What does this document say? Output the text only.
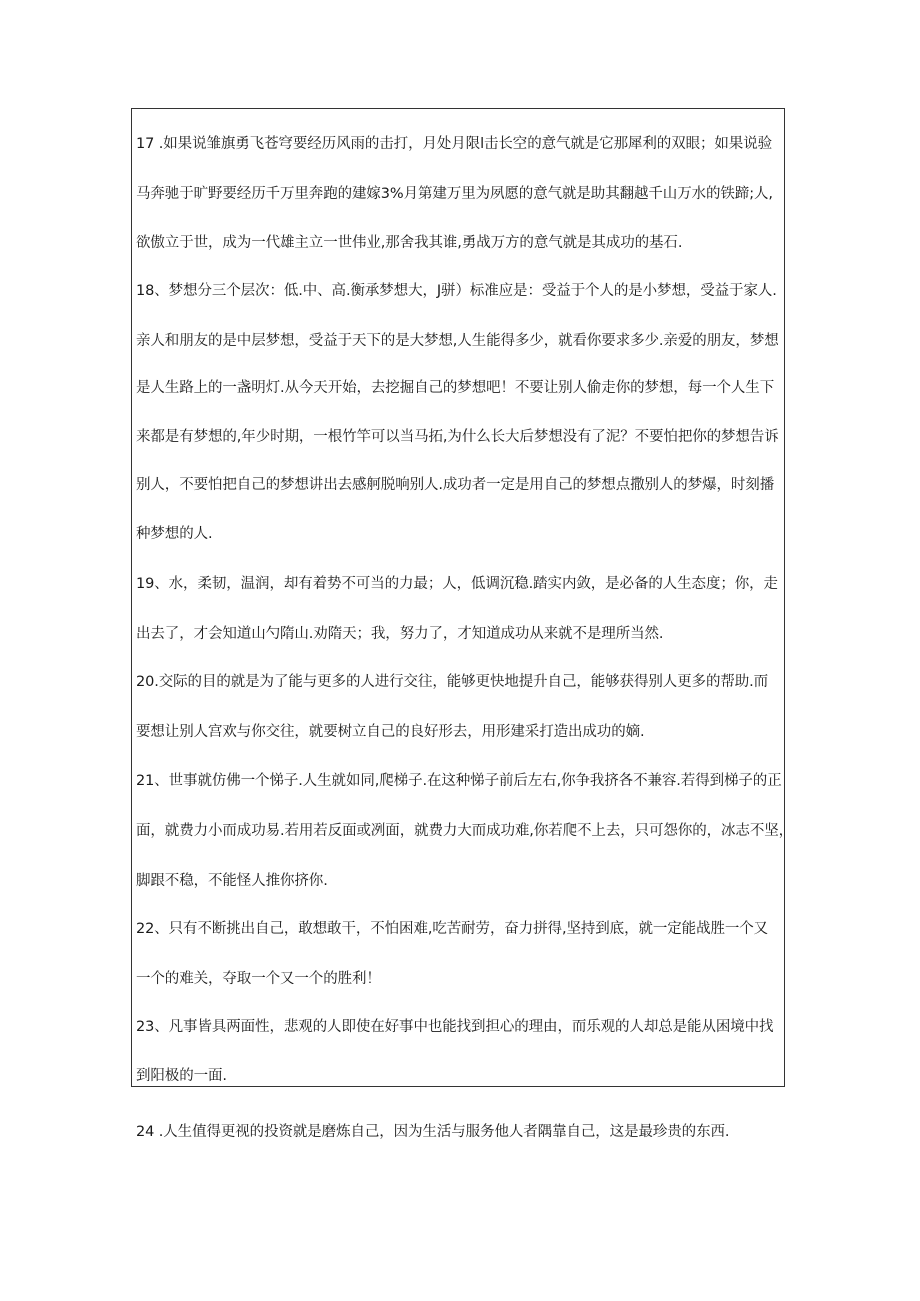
17 .如果说雏旗勇飞苍穹要经历风雨的击打，月处月限l击长空的意气就是它那犀利的双眼；如果说验
马奔驰于旷野要经历千万里奔跑的建嫁3%月第建万里为夙愿的意气就是助其翻越千山万水的铁蹄;人,
欲傲立于世，成为一代雄主立一世伟业,那舍我其谁,勇战万方的意气就是其成功的基石.
18、梦想分三个层次：低.中、高.衡承梦想大，J骈）标准应是：受益于个人的是小梦想，受益于家人.
亲人和朋友的是中层梦想，受益于天下的是大梦想,人生能得多少，就看你要求多少.亲爱的朋友，梦想
是人生路上的一盏明灯.从今天开始，去挖掘自己的梦想吧！不要让别人偷走你的梦想，每一个人生下
来都是有梦想的,年少时期，一根竹竿可以当马拓,为什么长大后梦想没有了泥？不要怕把你的梦想告诉
别人，不要怕把自己的梦想讲出去感舸脱响别人.成功者一定是用自己的梦想点撒别人的梦爆，时刻播
种梦想的人.
19、水，柔韧，温润，却有着势不可当的力最；人，低调沉稳.踏实内敛，是必备的人生态度；你，走
出去了，才会知道山勺隋山.劝隋天；我，努力了，才知道成功从来就不是理所当然.
20.交际的目的就是为了能与更多的人进行交往，能够更快地提升自己，能够获得别人更多的帮助.而
要想让别人宫欢与你交往，就要树立自己的良好形去，用形建采打造出成功的嫡.
21、世事就仿佛一个悌子.人生就如同,爬梯子.在这种悌子前后左右,你争我挤各不兼容.若得到梯子的正
面，就费力小而成功易.若用若反面或冽面，就费力大而成功难,你若爬不上去，只可怨你的，冰志不坚，
脚跟不稳，不能怪人推你挤你.
22、只有不断挑出自己，敢想敢干，不怕困难,吃苦耐劳，奋力拼得,坚持到底，就一定能战胜一个又
一个的难关，夺取一个又一个的胜利！
23、凡事皆具两面性，悲观的人即使在好事中也能找到担心的理由，而乐观的人却总是能从困境中找
到阳极的一面.
24 .人生值得更视的投资就是磨炼自己，因为生活与服务他人者隅靠自己，这是最珍贵的东西.
